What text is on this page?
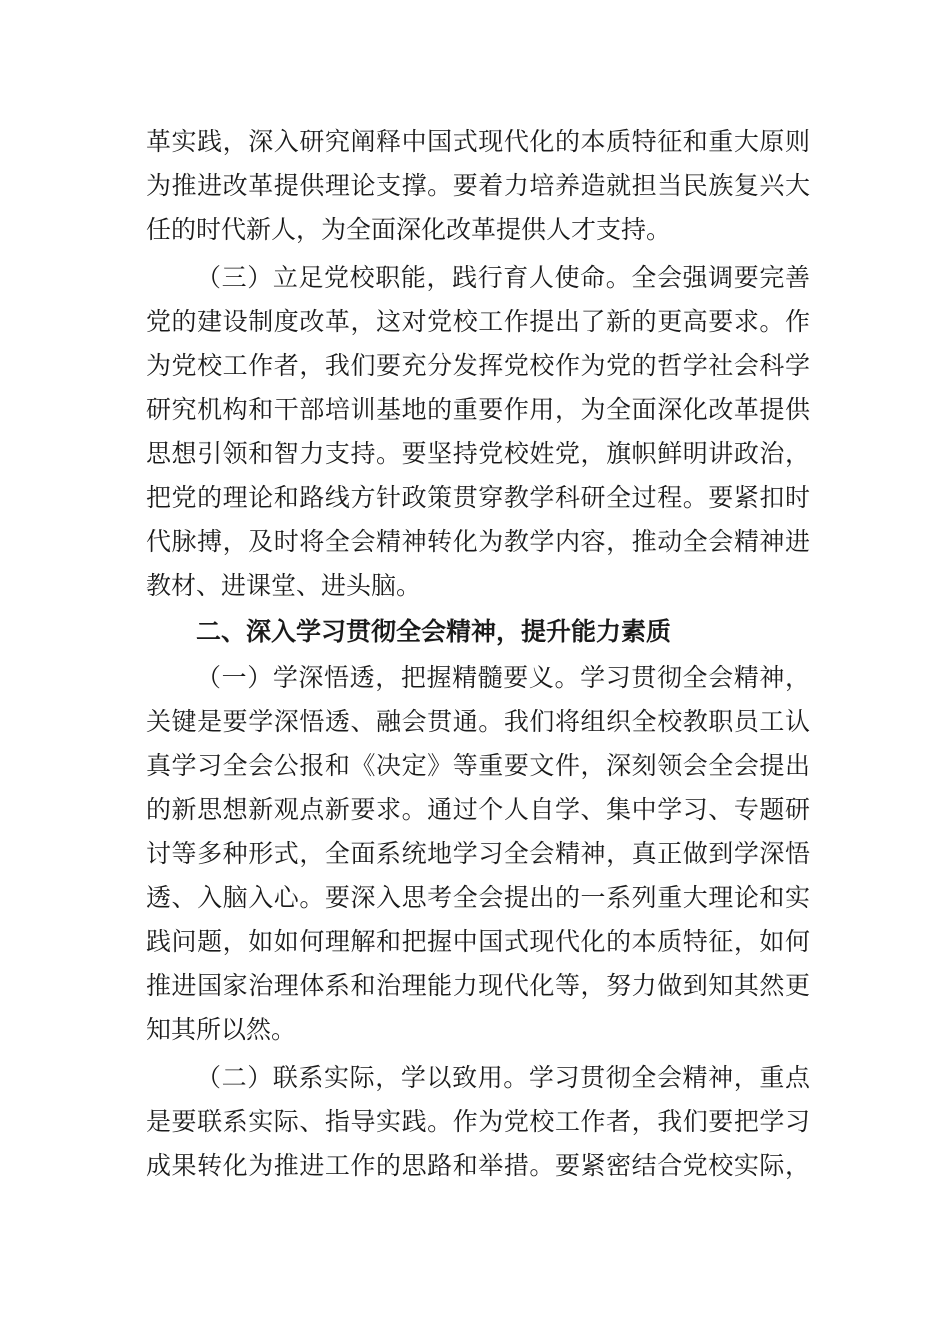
革实践，深入研究阐释中国式现代化的本质特征和重大原则
为推进改革提供理论支撑。要着力培养造就担当民族复兴大
任的时代新人，为全面深化改革提供人才支持。
（三）立足党校职能，践行育人使命。全会强调要完善
党的建设制度改革，这对党校工作提出了新的更高要求。作
为党校工作者，我们要充分发挥党校作为党的哲学社会科学
研究机构和干部培训基地的重要作用，为全面深化改革提供
思想引领和智力支持。要坚持党校姓党，旗帜鲜明讲政治，
把党的理论和路线方针政策贯穿教学科研全过程。要紧扣时
代脉搏，及时将全会精神转化为教学内容，推动全会精神进
教材、进课堂、进头脑。
二、深入学习贯彻全会精神，提升能力素质
（一）学深悟透，把握精髓要义。学习贯彻全会精神，
关键是要学深悟透、融会贯通。我们将组织全校教职员工认
真学习全会公报和《决定》等重要文件，深刻领会全会提出
的新思想新观点新要求。通过个人自学、集中学习、专题研
讨等多种形式，全面系统地学习全会精神，真正做到学深悟
透、入脑入心。要深入思考全会提出的一系列重大理论和实
践问题，如如何理解和把握中国式现代化的本质特征，如何
推进国家治理体系和治理能力现代化等，努力做到知其然更
知其所以然。
（二）联系实际，学以致用。学习贯彻全会精神，重点
是要联系实际、指导实践。作为党校工作者，我们要把学习
成果转化为推进工作的思路和举措。要紧密结合党校实际，
